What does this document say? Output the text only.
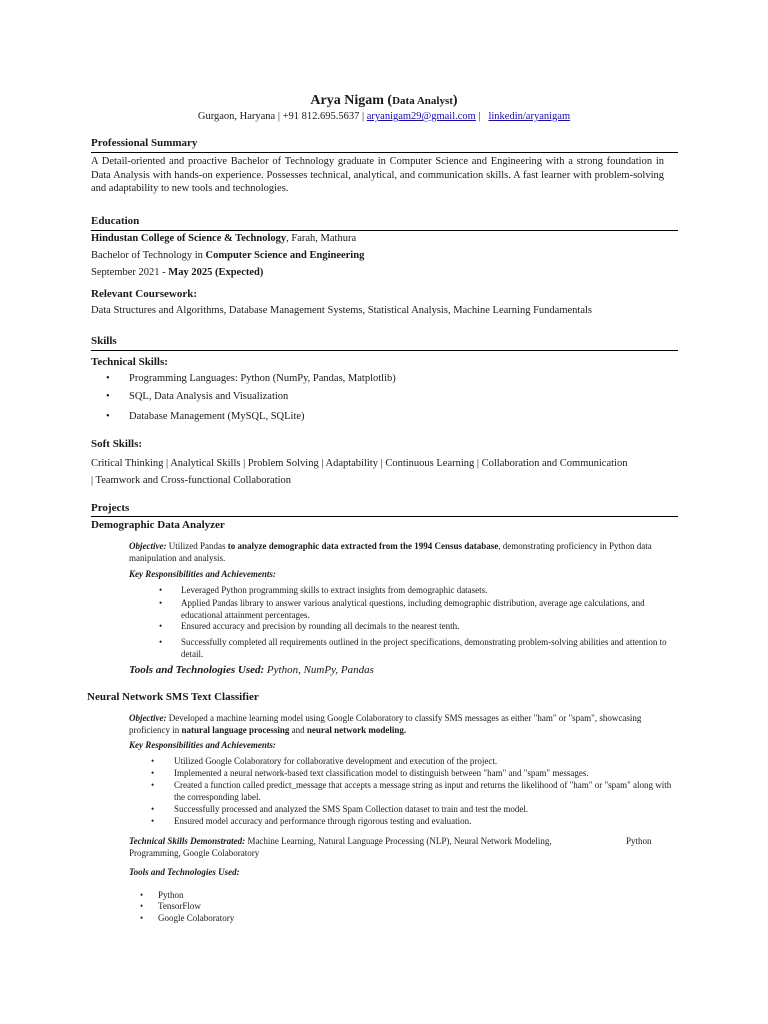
Arya Nigam (Data Analyst)
Gurgaon, Haryana | +91 812.695.5637 | aryanigam29@gmail.com |   linkedin/aryanigam
Professional Summary
A Detail-oriented and proactive Bachelor of Technology graduate in Computer Science and Engineering with a strong foundation in Data Analysis with hands-on experience. Possesses technical, analytical, and communication skills. A fast learner with problem-solving and adaptability to new tools and technologies.
Education
Hindustan College of Science & Technology, Farah, Mathura
Bachelor of Technology in Computer Science and Engineering
September 2021 - May 2025 (Expected)
Relevant Coursework:
Data Structures and Algorithms, Database Management Systems, Statistical Analysis, Machine Learning Fundamentals
Skills
Technical Skills:
• Programming Languages: Python (NumPy, Pandas, Matplotlib)
• SQL, Data Analysis and Visualization
• Database Management (MySQL, SQLite)
Soft Skills:
Critical Thinking | Analytical Skills | Problem Solving | Adaptability | Continuous Learning | Collaboration and Communication
| Teamwork and Cross-functional Collaboration
Projects
Demographic Data Analyzer
Objective: Utilized Pandas to analyze demographic data extracted from the 1994 Census database, demonstrating proficiency in Python data manipulation and analysis.
Key Responsibilities and Achievements:
• Leveraged Python programming skills to extract insights from demographic datasets.
• Applied Pandas library to answer various analytical questions, including demographic distribution, average age calculations, and educational attainment percentages.
• Ensured accuracy and precision by rounding all decimals to the nearest tenth.
• Successfully completed all requirements outlined in the project specifications, demonstrating problem-solving abilities and attention to detail.
Tools and Technologies Used: Python, NumPy, Pandas
Neural Network SMS Text Classifier
Objective: Developed a machine learning model using Google Colaboratory to classify SMS messages as either "ham" or "spam", showcasing proficiency in natural language processing and neural network modeling.
Key Responsibilities and Achievements:
• Utilized Google Colaboratory for collaborative development and execution of the project.
• Implemented a neural network-based text classification model to distinguish between "ham" and "spam" messages.
• Created a function called predict_message that accepts a message string as input and returns the likelihood of "ham" or "spam" along with the corresponding label.
• Successfully processed and analyzed the SMS Spam Collection dataset to train and test the model.
• Ensured model accuracy and performance through rigorous testing and evaluation.
Technical Skills Demonstrated: Machine Learning, Natural Language Processing (NLP), Neural Network Modeling,	Python
Programming, Google Colaboratory
Tools and Technologies Used:
• Python
• TensorFlow
• Google Colaboratory
